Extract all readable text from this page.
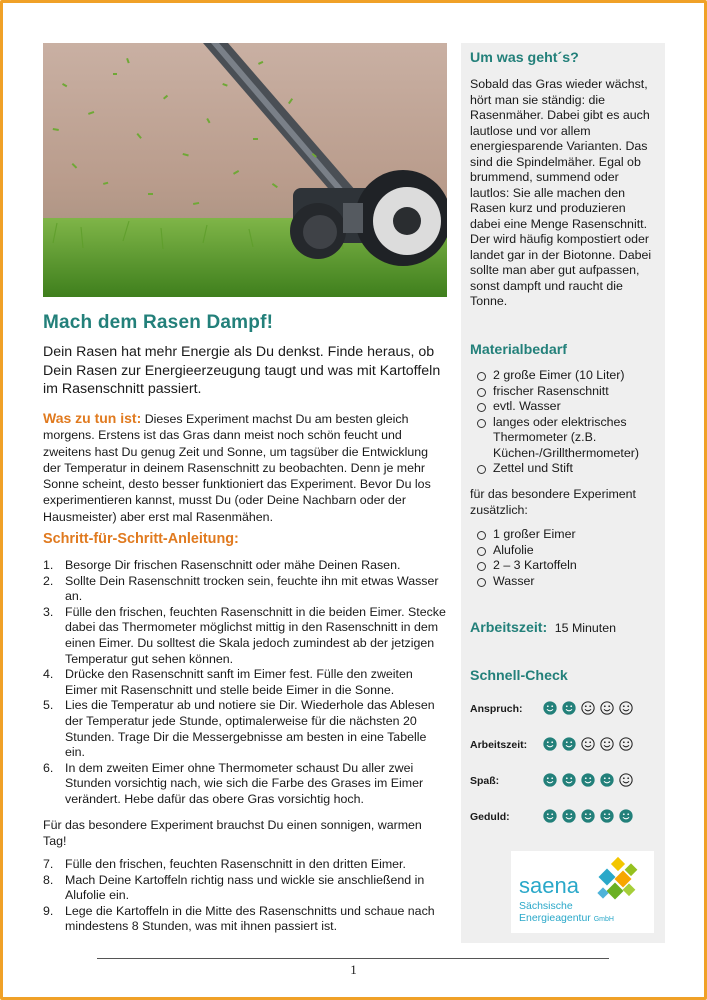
Mach dem Rasen Dampf!

Dein Rasen hat mehr Energie als Du denkst. Finde heraus, ob Dein Rasen zur Energieerzeugung taugt und was mit Kartoffeln im Rasenschnitt passiert.

Was zu tun ist: Dieses Experiment machst Du am besten gleich morgens. Erstens ist das Gras dann meist noch schön feucht und zweitens hast Du genug Zeit und Sonne, um tagsüber die Entwicklung der Temperatur in deinem Rasenschnitt zu beobachten. Denn je mehr Sonne scheint, desto besser funktioniert das Experiment. Bevor Du los experimentieren kannst, musst Du (oder Deine Nachbarn oder der Hausmeister) aber erst mal Rasenmähen.

Schritt-für-Schritt-Anleitung:
1. Besorge Dir frischen Rasenschnitt oder mähe Deinen Rasen.
2. Sollte Dein Rasenschnitt trocken sein, feuchte ihn mit etwas Wasser an.
3. Fülle den frischen, feuchten Rasenschnitt in die beiden Eimer. Stecke dabei das Thermometer möglichst mittig in den Rasenschnitt in dem einen Eimer. Du solltest die Skala jedoch zumindest ab der jetzigen Temperatur gut sehen können.
4. Drücke den Rasenschnitt sanft im Eimer fest. Fülle den zweiten Eimer mit Rasenschnitt und stelle beide Eimer in die Sonne.
5. Lies die Temperatur ab und notiere sie Dir. Wiederhole das Ablesen der Temperatur jede Stunde, optimalerweise für die nächsten 20 Stunden. Trage Dir die Messergebnisse am besten in eine Tabelle ein.
6. In dem zweiten Eimer ohne Thermometer schaust Du aller zwei Stunden vorsichtig nach, wie sich die Farbe des Grases im Eimer verändert. Hebe dafür das obere Gras vorsichtig hoch.

Für das besondere Experiment brauchst Du einen sonnigen, warmen Tag!

7. Fülle den frischen, feuchten Rasenschnitt in den dritten Eimer.
8. Mach Deine Kartoffeln richtig nass und wickle sie anschließend in Alufolie ein.
9. Lege die Kartoffeln in die Mitte des Rasenschnitts und schaue nach mindestens 8 Stunden, was mit ihnen passiert ist.
Um was geht´s?

Sobald das Gras wieder wächst, hört man sie ständig: die Rasenmäher. Dabei gibt es auch lautlose und vor allem energiesparende Varianten. Das sind die Spindelmäher. Egal ob brummend, summend oder lautlos: Sie alle machen den Rasen kurz und produzieren dabei eine Menge Rasenschnitt. Der wird häufig kompostiert oder landet gar in der Biotonne. Dabei sollte man aber gut aufpassen, sonst dampft und raucht die Tonne.

Materialbedarf
2 große Eimer (10 Liter)
frischer Rasenschnitt
evtl. Wasser
langes oder elektrisches Thermometer (z.B. Küchen-/Grillthermometer)
Zettel und Stift

für das besondere Experiment zusätzlich:

1 großer Eimer
Alufolie
2 – 3 Kartoffeln
Wasser
Arbeitszeit: 15 Minuten
Schnell-Check
Anspruch:
Arbeitszeit:
Spaß:
Geduld:
saena
Sächsische
Energieagentur GmbH
1
